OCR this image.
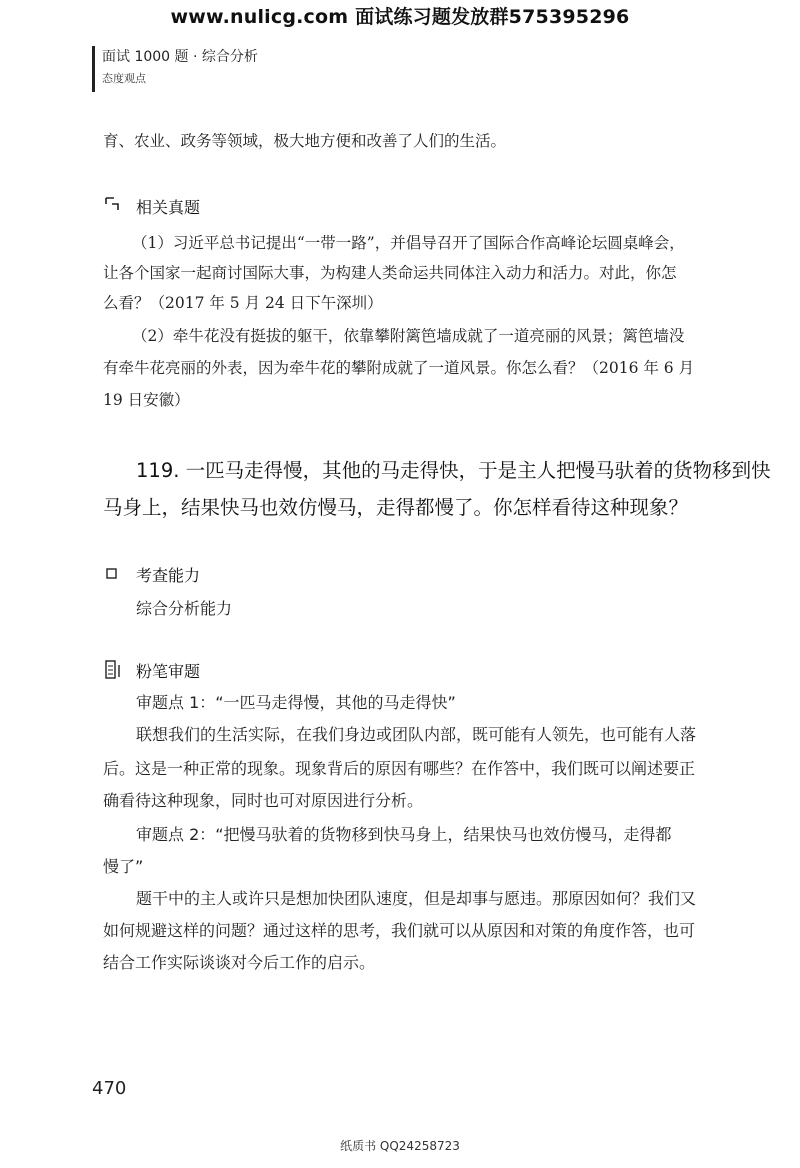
www.nulicg.com 面试练习题发放群575395296
面试 1000 题 · 综合分析
态度观点
育、农业、政务等领域，极大地方便和改善了人们的生活。
相关真题
（1）习近平总书记提出“一带一路”，并倡导召开了国际合作高峰论坛圆桌峰会，
让各个国家一起商讨国际大事，为构建人类命运共同体注入动力和活力。对此，你怎
么看？（2017 年 5 月 24 日下午深圳）
（2）牵牛花没有挺拔的躯干，依靠攀附篱笆墙成就了一道亮丽的风景；篱笆墙没
有牵牛花亮丽的外表，因为牵牛花的攀附成就了一道风景。你怎么看？（2016 年 6 月
19 日安徽）
119. 一匹马走得慢，其他的马走得快，于是主人把慢马驮着的货物移到快
马身上，结果快马也效仿慢马，走得都慢了。你怎样看待这种现象？
考查能力
综合分析能力
粉笔审题
审题点 1：“一匹马走得慢，其他的马走得快”
联想我们的生活实际，在我们身边或团队内部，既可能有人领先，也可能有人落
后。这是一种正常的现象。现象背后的原因有哪些？在作答中，我们既可以阐述要正
确看待这种现象，同时也可对原因进行分析。
审题点 2：“把慢马驮着的货物移到快马身上，结果快马也效仿慢马，走得都
慢了”
题干中的主人或许只是想加快团队速度，但是却事与愿违。那原因如何？我们又
如何规避这样的问题？通过这样的思考，我们就可以从原因和对策的角度作答，也可
结合工作实际谈谈对今后工作的启示。
470
纸质书 QQ24258723
